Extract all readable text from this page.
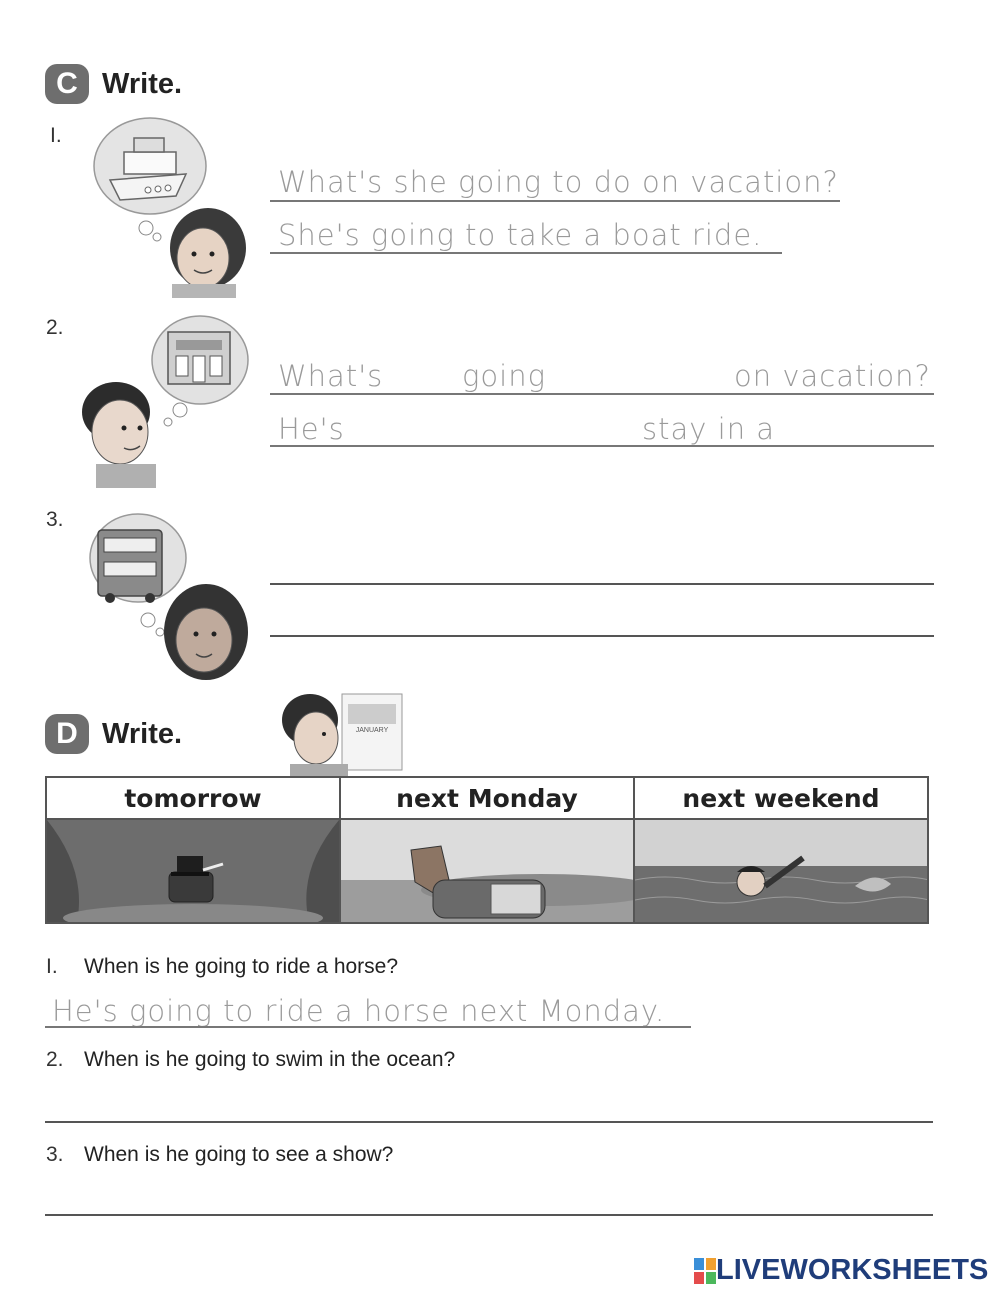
C Write.
I.
What's she going to do on vacation?
She's going to take a boat ride.
2.
What's	going	on vacation?
He's	stay in a
3.
D Write.	JANUARY
tomorrow	next Monday	next weekend
I. When is he going to ride a horse?
He's going to ride a horse next Monday.
2. When is he going to swim in the ocean?
3. When is he going to see a show?
LIVEWORKSHEETS
